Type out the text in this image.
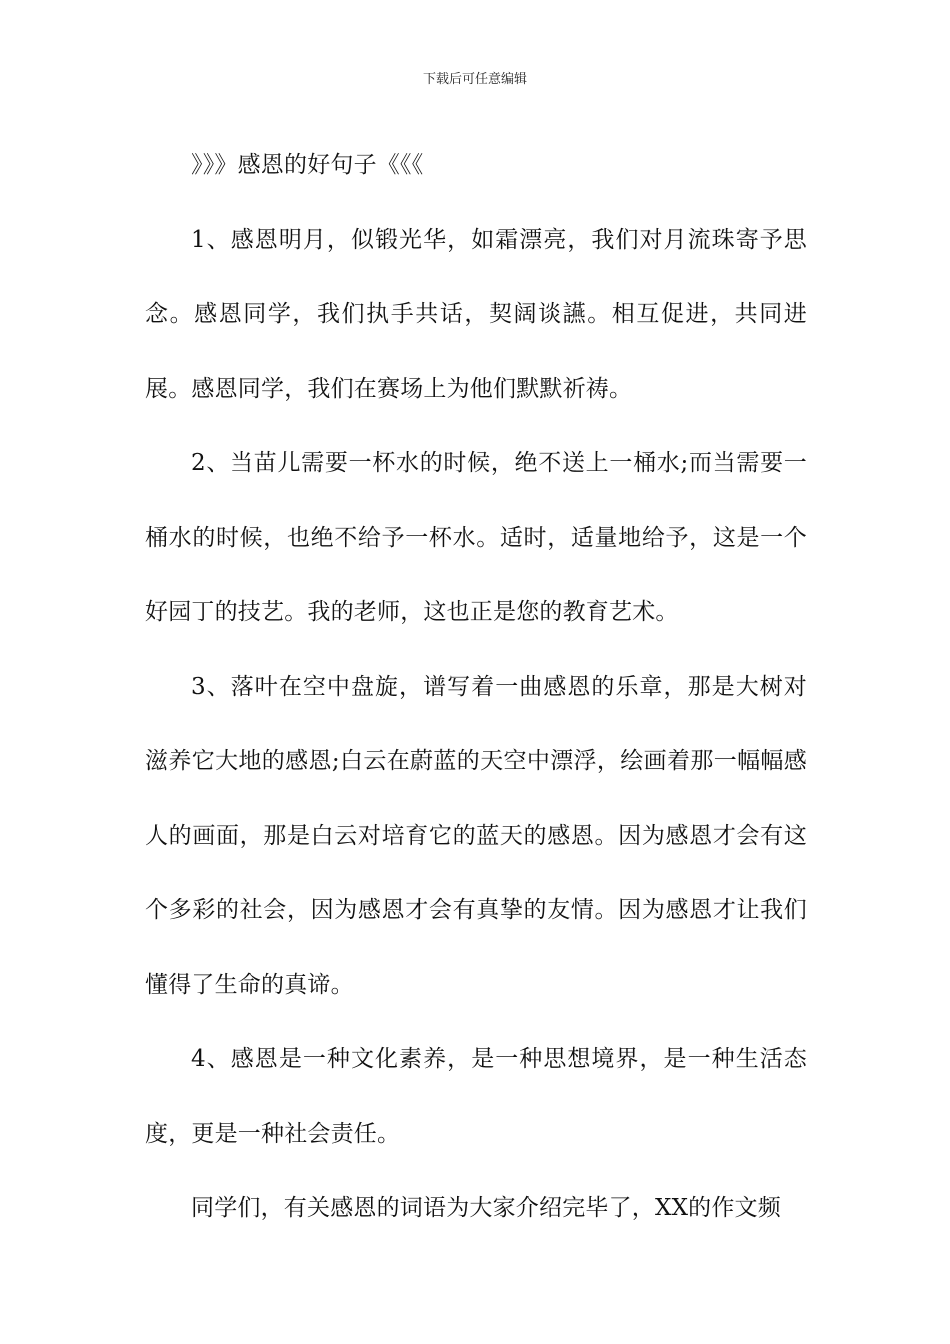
下载后可任意编辑

》》》感恩的好句子《《《

1、感恩明月，似锻光华，如霜漂亮，我们对月流珠寄予思念。感恩同学，我们执手共话，契阔谈讌。相互促进，共同进展。感恩同学，我们在赛场上为他们默默祈祷。

2、当苗儿需要一杯水的时候，绝不送上一桶水;而当需要一桶水的时候，也绝不给予一杯水。适时，适量地给予，这是一个好园丁的技艺。我的老师，这也正是您的教育艺术。

3、落叶在空中盘旋，谱写着一曲感恩的乐章，那是大树对滋养它大地的感恩;白云在蔚蓝的天空中漂浮，绘画着那一幅幅感人的画面，那是白云对培育它的蓝天的感恩。因为感恩才会有这个多彩的社会，因为感恩才会有真挚的友情。因为感恩才让我们懂得了生命的真谛。

4、感恩是一种文化素养，是一种思想境界，是一种生活态度，更是一种社会责任。

同学们，有关感恩的词语为大家介绍完毕了，XX的作文频
